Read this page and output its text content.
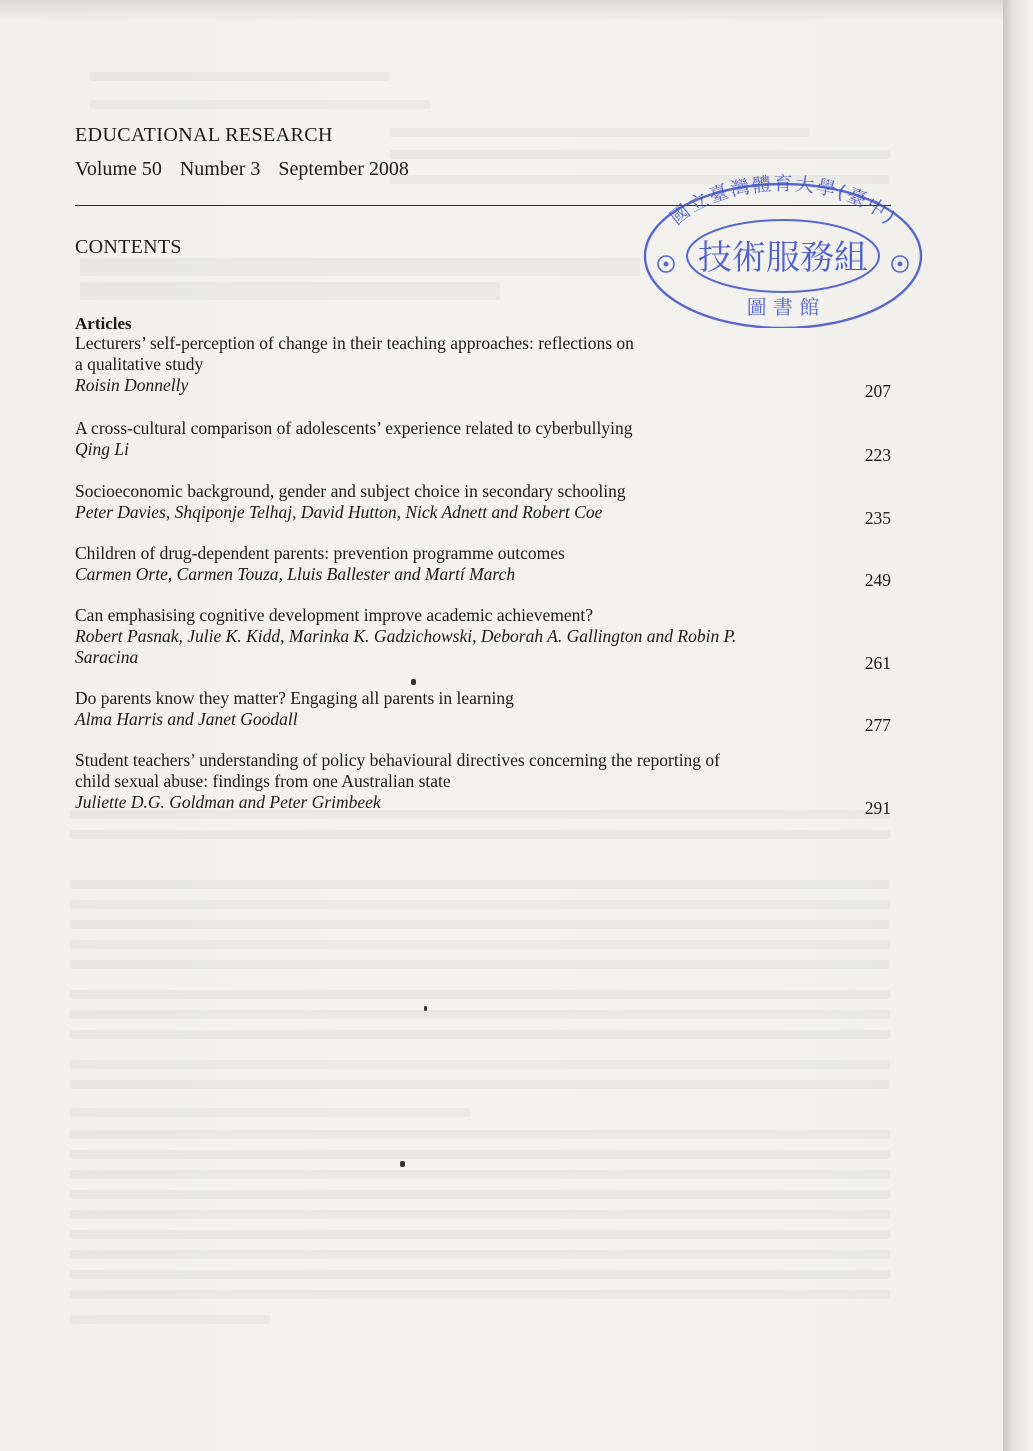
EDUCATIONAL RESEARCH
Volume 50 Number 3 September 2008
CONTENTS
Articles
Lecturers’ self-perception of change in their teaching approaches: reflections on a qualitative study
Roisin Donnelly	207
A cross-cultural comparison of adolescents’ experience related to cyberbullying
Qing Li	223
Socioeconomic background, gender and subject choice in secondary schooling
Peter Davies, Shqiponje Telhaj, David Hutton, Nick Adnett and Robert Coe	235
Children of drug-dependent parents: prevention programme outcomes
Carmen Orte, Carmen Touza, Lluis Ballester and Martí March	249
Can emphasising cognitive development improve academic achievement?
Robert Pasnak, Julie K. Kidd, Marinka K. Gadzichowski, Deborah A. Gallington and Robin P. Saracina	261
Do parents know they matter? Engaging all parents in learning
Alma Harris and Janet Goodall	277
Student teachers’ understanding of policy behavioural directives concerning the reporting of child sexual abuse: findings from one Australian state
Juliette D.G. Goldman and Peter Grimbeek	291
國立臺灣體育大學(臺中)
技術服務組
圖 書 館
